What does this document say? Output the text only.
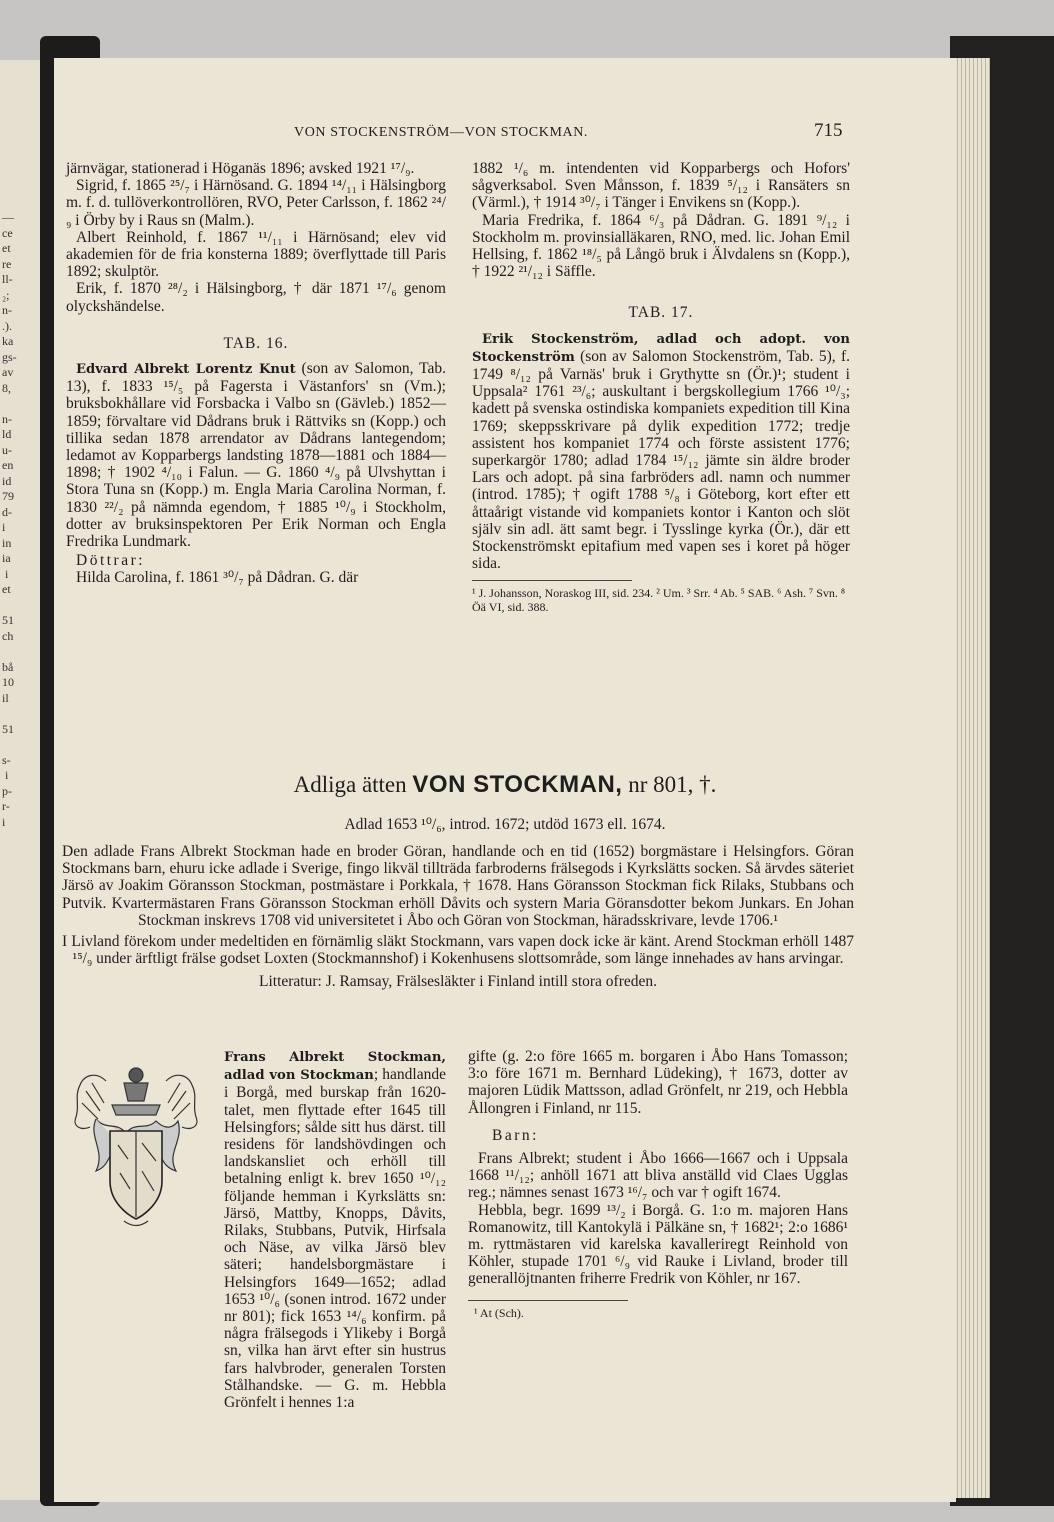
—
ce
et
re
ll-
₂;
n-
.).
ka
gs-
av
8,

n-
ld
u-
en
id
79
d-
i
in
ia
i
et

51
ch

bå
10
il

51

s-
i
p-
r-
i
VON STOCKENSTRÖM—VON STOCKMAN.	715

järnvägar, stationerad i Höganäs 1896; avsked 1921 ¹⁷/₉.

Sigrid, f. 1865 ²⁵/₇ i Härnösand. G. 1894 ¹⁴/₁₁ i Hälsingborg m. f. d. tullöverkontrollören, RVO, Peter Carlsson, f. 1862 ²⁴/₉ i Örby by i Raus sn (Malm.).

Albert Reinhold, f. 1867 ¹¹/₁₁ i Härnösand; elev vid akademien för de fria konsterna 1889; överflyttade till Paris 1892; skulptör.

Erik, f. 1870 ²⁸/₂ i Hälsingborg, † där 1871 ¹⁷/₆ genom olyckshändelse.

TAB. 16.

Edvard Albrekt Lorentz Knut (son av Salomon, Tab. 13), f. 1833 ¹⁵/₅ på Fagersta i Västanfors' sn (Vm.); bruksbokhållare vid Forsbacka i Valbo sn (Gävleb.) 1852—1859; förvaltare vid Dådrans bruk i Rättviks sn (Kopp.) och tillika sedan 1878 arrendator av Dådrans lantegendom; ledamot av Kopparbergs landsting 1878—1881 och 1884—1898; † 1902 ⁴/₁₀ i Falun. — G. 1860 ⁴/₉ på Ulvshyttan i Stora Tuna sn (Kopp.) m. Engla Maria Carolina Norman, f. 1830 ²²/₂ på nämnda egendom, † 1885 ¹⁰/₉ i Stockholm, dotter av bruksinspektoren Per Erik Norman och Engla Fredrika Lundmark.

Döttrar:

Hilda Carolina, f. 1861 ³⁰/₇ på Dådran. G. där

1882 ¹/₆ m. intendenten vid Kopparbergs och Hofors' sågverksabol. Sven Månsson, f. 1839 ⁵/₁₂ i Ransäters sn (Värml.), † 1914 ³⁰/₇ i Tänger i Envikens sn (Kopp.).

Maria Fredrika, f. 1864 ⁶/₃ på Dådran. G. 1891 ⁹/₁₂ i Stockholm m. provinsialläkaren, RNO, med. lic. Johan Emil Hellsing, f. 1862 ¹⁸/₅ på Långö bruk i Älvdalens sn (Kopp.), † 1922 ²¹/₁₂ i Säffle.

TAB. 17.

Erik Stockenström, adlad och adopt. von Stockenström (son av Salomon Stockenström, Tab. 5), f. 1749 ⁸/₁₂ på Varnäs' bruk i Grythytte sn (Ör.)¹; student i Uppsala² 1761 ²³/₆; auskultant i bergskollegium 1766 ¹⁰/₃; kadett på svenska ostindiska kompaniets expedition till Kina 1769; skeppsskrivare på dylik expedition 1772; tredje assistent hos kompaniet 1774 och förste assistent 1776; superkargör 1780; adlad 1784 ¹⁵/₁₂ jämte sin äldre broder Lars och adopt. på sina farbröders adl. namn och nummer (introd. 1785); † ogift 1788 ⁵/₈ i Göteborg, kort efter ett åttaårigt vistande vid kompaniets kontor i Kanton och slöt själv sin adl. ätt samt begr. i Tysslinge kyrka (Ör.), där ett Stockenströmskt epitafium med vapen ses i koret på höger sida.

¹ J. Johansson, Noraskog III, sid. 234. ² Um. ³ Srr. ⁴ Ab. ⁵ SAB. ⁶ Ash. ⁷ Svn. ⁸ Öä VI, sid. 388.

Adliga ätten VON STOCKMAN, nr 801, †.
Adlad 1653 ¹⁰/₆, introd. 1672; utdöd 1673 ell. 1674.

Den adlade Frans Albrekt Stockman hade en broder Göran, handlande och en tid (1652) borgmästare i Helsingfors. Göran Stockmans barn, ehuru icke adlade i Sverige, fingo likväl tillträda farbroderns frälsegods i Kyrkslätts socken. Så ärvdes säteriet Järsö av Joakim Göransson Stockman, postmästare i Porkkala, † 1678. Hans Göransson Stockman fick Rilaks, Stubbans och Putvik. Kvartermästaren Frans Göransson Stockman erhöll Dåvits och systern Maria Göransdotter bekom Junkars. En Johan Stockman inskrevs 1708 vid universitetet i Åbo och Göran von Stockman, häradsskrivare, levde 1706.¹

I Livland förekom under medeltiden en förnämlig släkt Stockmann, vars vapen dock icke är känt. Arend Stockman erhöll 1487 ¹⁵/₉ under ärftligt frälse godset Loxten (Stockmannshof) i Kokenhusens slottsområde, som länge innehades av hans arvingar.

Litteratur: J. Ramsay, Frälsesläkter i Finland intill stora ofreden.

Frans Albrekt Stockman, adlad von Stockman; handlande i Borgå, med burskap från 1620-talet, men flyttade efter 1645 till Helsingfors; sålde sitt hus därst. till residens för landshövdingen och landskansliet och erhöll till betalning enligt k. brev 1650 ¹⁰/₁₂ följande hemman i Kyrkslätts sn: Järsö, Mattby, Knopps, Dåvits, Rilaks, Stubbans, Putvik, Hirfsala och Näse, av vilka Järsö blev säteri; handelsborgmästare i Helsingfors 1649—1652; adlad 1653 ¹⁰/₆ (sonen introd. 1672 under nr 801); fick 1653 ¹⁴/₆ konfirm. på några frälsegods i Ylikeby i Borgå sn, vilka han ärvt efter sin hustrus fars halvbroder, generalen Torsten Stålhandske. — G. m. Hebbla Grönfelt i hennes 1:a

gifte (g. 2:o före 1665 m. borgaren i Åbo Hans Tomasson; 3:o före 1671 m. Bernhard Lüdeking), † 1673, dotter av majoren Lüdik Mattsson, adlad Grönfelt, nr 219, och Hebbla Ållongren i Finland, nr 115.

Barn:

Frans Albrekt; student i Åbo 1666—1667 och i Uppsala 1668 ¹¹/₁₂; anhöll 1671 att bliva anställd vid Claes Ugglas reg.; nämnes senast 1673 ¹⁶/₇ och var † ogift 1674.

Hebbla, begr. 1699 ¹³/₂ i Borgå. G. 1:o m. majoren Hans Romanowitz, till Kantokylä i Pälkäne sn, † 1682¹; 2:o 1686¹ m. ryttmästaren vid karelska kavalleriregt Reinhold von Köhler, stupade 1701 ⁶/₉ vid Rauke i Livland, broder till generallöjtnanten friherre Fredrik von Köhler, nr 167.

¹ At (Sch).
